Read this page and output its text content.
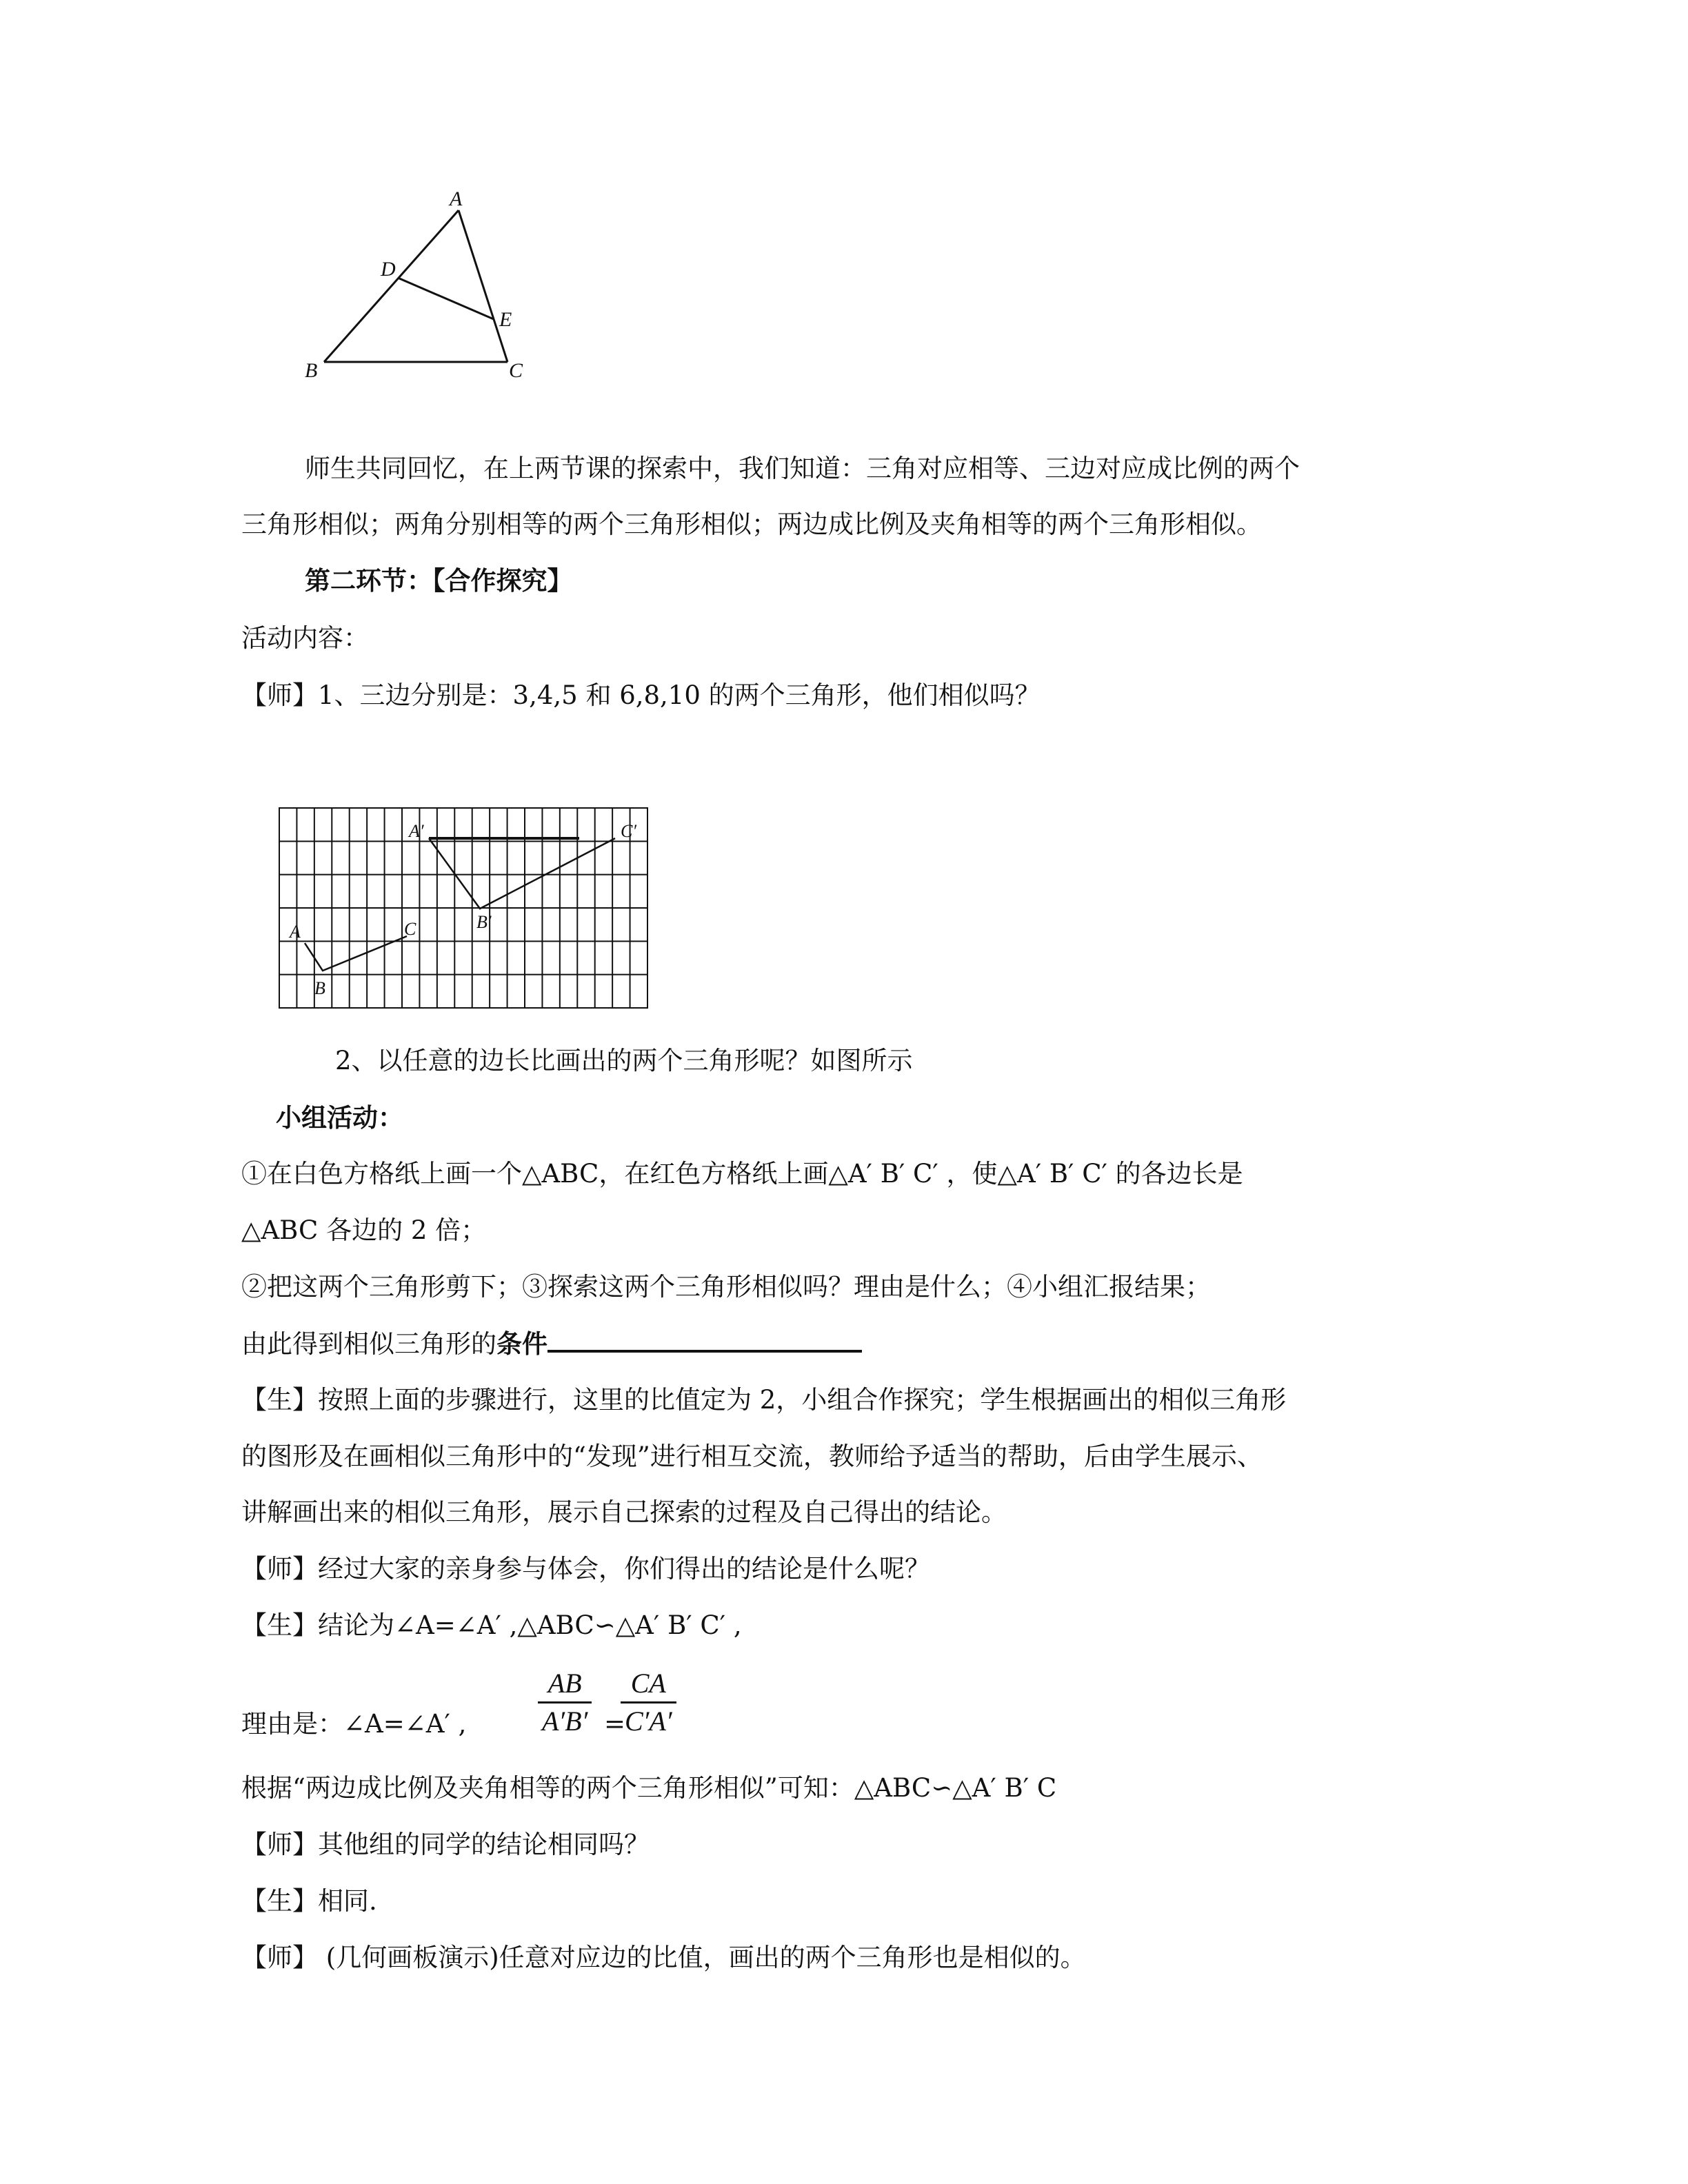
A
D
E
B	C
师生共同回忆，在上两节课的探索中，我们知道：三角对应相等、三边对应成比例的两个
三角形相似；两角分别相等的两个三角形相似；两边成比例及夹角相等的两个三角形相似。
第二环节：【合作探究】
活动内容：
【师】1、三边分别是：3,4,5 和 6,8,10 的两个三角形，他们相似吗？
A
B
C
A′
B′
C′
2、以任意的边长比画出的两个三角形呢？如图所示
小组活动：
①在白色方格纸上画一个△ABC，在红色方格纸上画△A′ B′ C′ ，使△A′ B′ C′ 的各边长是
△ABC 各边的 2 倍；
②把这两个三角形剪下；③探索这两个三角形相似吗？理由是什么；④小组汇报结果；
由此得到相似三角形的条件
【生】按照上面的步骤进行，这里的比值定为 2，小组合作探究；学生根据画出的相似三角形
的图形及在画相似三角形中的“发现”进行相互交流，教师给予适当的帮助，后由学生展示、
讲解画出来的相似三角形，展示自己探索的过程及自己得出的结论。
【师】经过大家的亲身参与体会，你们得出的结论是什么呢？
【生】结论为∠A=∠A′ ,△ABC∽△A′ B′ C′ ,
理由是：∠A=∠A′ ,	$\frac{AB}{A'B'}$ =
$\frac{CA}{C'A'}$
根据“两边成比例及夹角相等的两个三角形相似”可知：△ABC∽△A′ B′ C
【师】其他组的同学的结论相同吗？
【生】相同.
【师】 (几何画板演示)任意对应边的比值，画出的两个三角形也是相似的。
